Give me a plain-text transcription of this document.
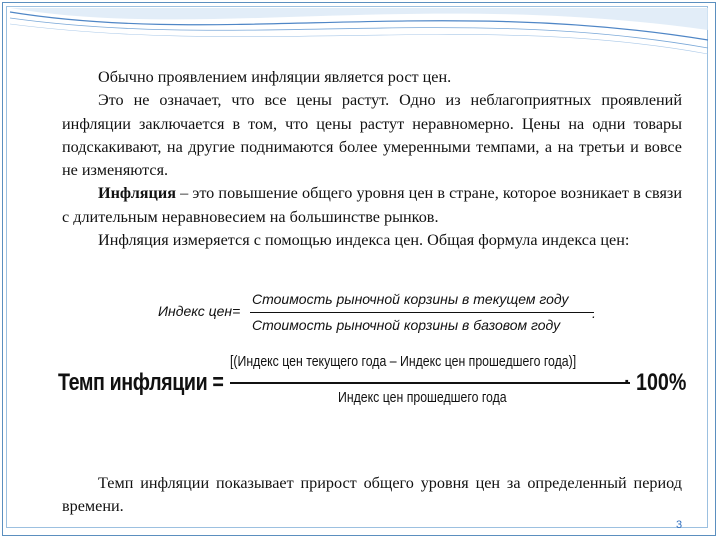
Обычно проявлением инфляции является рост цен.

Это не означает, что все цены растут. Одно из неблагоприятных проявлений инфляции заключается в том, что цены растут неравномерно. Цены на одни товары подскакивают, на другие поднимаются более умеренными темпами, а на третьи и вовсе не изменяются.

Инфляция – это повышение общего уровня цен в стране, которое возникает в связи с длительным неравновесием на большинстве рынков.

Инфляция измеряется с помощью индекса цен. Общая формула индекса цен:

Индекс цен=
Стоимость рыночной корзины в текущем году
Стоимость рыночной корзины в базовом году
.
Темп инфляции =
[(Индекс цен текущего года – Индекс цен прошедшего года)]
Индекс цен прошедшего года
· 100%

Темп инфляции показывает прирост общего уровня цен за определенный период времени.

3
